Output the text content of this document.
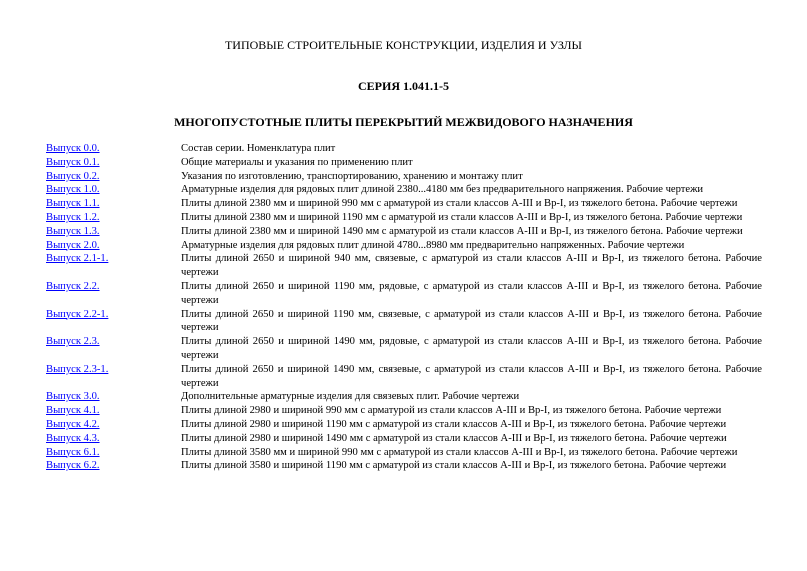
ТИПОВЫЕ СТРОИТЕЛЬНЫЕ КОНСТРУКЦИИ, ИЗДЕЛИЯ И УЗЛЫ
СЕРИЯ 1.041.1-5
МНОГОПУСТОТНЫЕ ПЛИТЫ ПЕРЕКРЫТИЙ МЕЖВИДОВОГО НАЗНАЧЕНИЯ
Выпуск 0.0.	Состав серии. Номенклатура плит
Выпуск 0.1.	Общие материалы и указания по применению плит
Выпуск 0.2.	Указания по изготовлению, транспортированию, хранению и монтажу плит
Выпуск 1.0.	Арматурные изделия для рядовых плит длиной 2380...4180 мм без предварительного напряжения. Рабочие чертежи
Выпуск 1.1.	Плиты длиной 2380 мм и шириной 990 мм с арматурой из стали классов А-III и Вр-I, из тяжелого бетона. Рабочие чертежи
Выпуск 1.2.	Плиты длиной 2380 мм и шириной 1190 мм с арматурой из стали классов А-III и Вр-I, из тяжелого бетона. Рабочие чертежи
Выпуск 1.3.	Плиты длиной 2380 мм и шириной 1490 мм с арматурой из стали классов А-III и Вр-I, из тяжелого бетона. Рабочие чертежи
Выпуск 2.0.	Арматурные изделия для рядовых плит длиной 4780...8980 мм предварительно напряженных. Рабочие чертежи
Выпуск 2.1-1.	Плиты длиной 2650 и шириной 940 мм, связевые, с арматурой из стали классов А-III и Вр-I, из тяжелого бетона. Рабочие чертежи
Выпуск 2.2.	Плиты длиной 2650 и шириной 1190 мм, рядовые, с арматурой из стали классов А-III и Вр-I, из тяжелого бетона. Рабочие чертежи
Выпуск 2.2-1.	Плиты длиной 2650 и шириной 1190 мм, связевые, с арматурой из стали классов А-III и Вр-I, из тяжелого бетона. Рабочие чертежи
Выпуск 2.3.	Плиты длиной 2650 и шириной 1490 мм, рядовые, с арматурой из стали классов А-III и Вр-I, из тяжелого бетона. Рабочие чертежи
Выпуск 2.3-1.	Плиты длиной 2650 и шириной 1490 мм, связевые, с арматурой из стали классов А-III и Вр-I, из тяжелого бетона. Рабочие чертежи
Выпуск 3.0.	Дополнительные арматурные изделия для связевых плит. Рабочие чертежи
Выпуск 4.1.	Плиты длиной 2980 и шириной 990 мм с арматурой из стали классов А-III и Вр-I, из тяжелого бетона. Рабочие чертежи
Выпуск 4.2.	Плиты длиной 2980 и шириной 1190 мм с арматурой из стали классов А-III и Вр-I, из тяжелого бетона. Рабочие чертежи
Выпуск 4.3.	Плиты длиной 2980 и шириной 1490 мм с арматурой из стали классов А-III и Вр-I, из тяжелого бетона. Рабочие чертежи
Выпуск 6.1.	Плиты длиной 3580 мм и шириной 990 мм с арматурой из стали классов А-III и Вр-I, из тяжелого бетона. Рабочие чертежи
Выпуск 6.2.	Плиты длиной 3580 и шириной 1190 мм с арматурой из стали классов А-III и Вр-I, из тяжелого бетона. Рабочие чертежи
